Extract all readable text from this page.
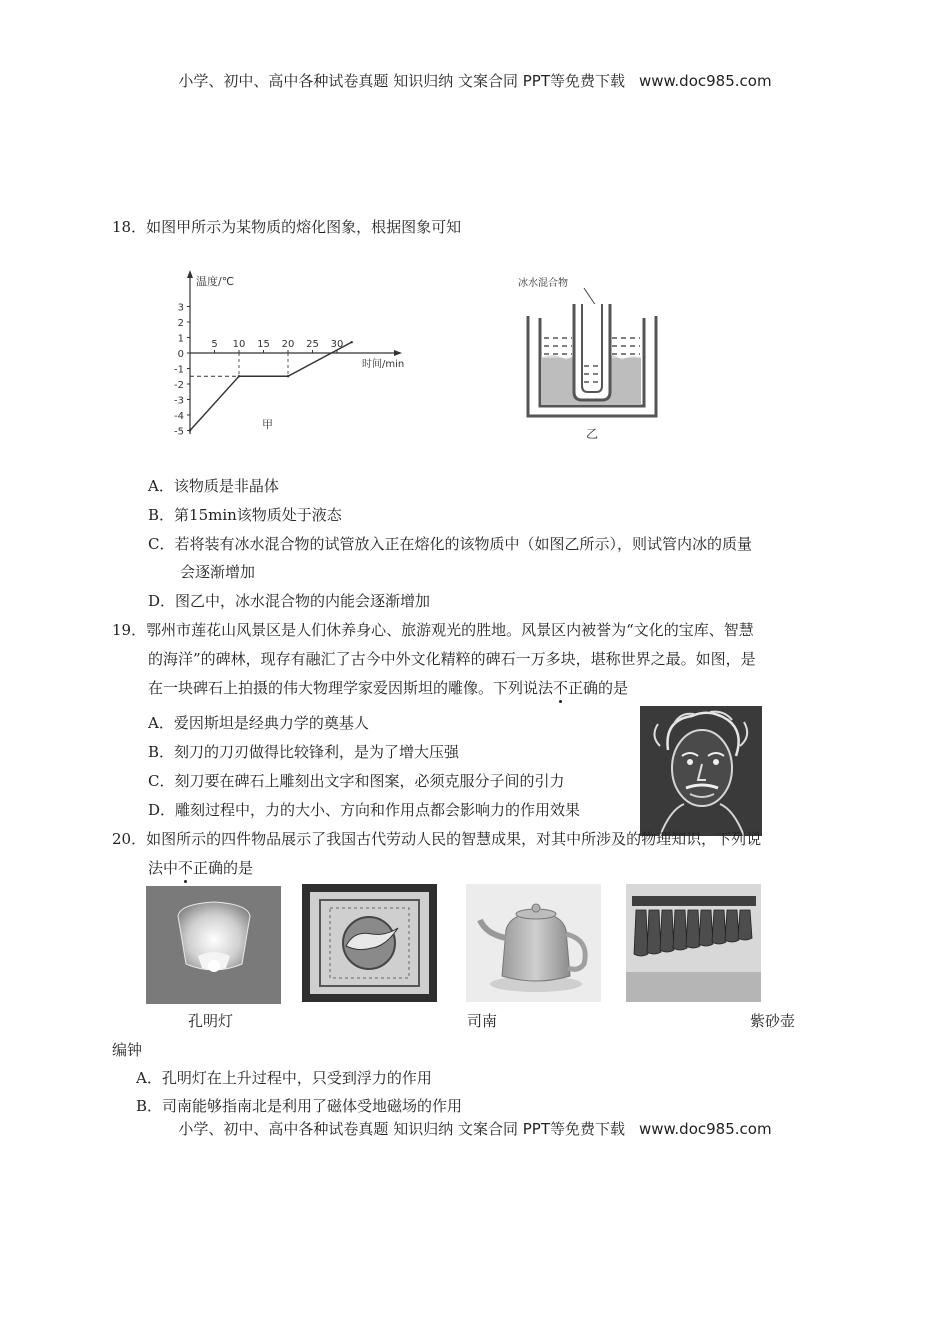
小学、初中、高中各种试卷真题 知识归纳 文案合同 PPT等免费下载 www.doc985.com
18．如图甲所示为某物质的熔化图象，根据图象可知
3
2
1
0
-1
-2
-3
-4
-5
5 10 15 20 25 30
温度/℃
时间/min
甲
冰水混合物
乙
A．该物质是非晶体
B．第15min该物质处于液态
C．若将装有冰水混合物的试管放入正在熔化的该物质中（如图乙所示），则试管内冰的质量
会逐渐增加
D．图乙中，冰水混合物的内能会逐渐增加
19．鄂州市莲花山风景区是人们休养身心、旅游观光的胜地。风景区内被誉为“文化的宝库、智慧
的海洋”的碑林，现存有融汇了古今中外文化精粹的碑石一万多块，堪称世界之最。如图，是
在一块碑石上拍摄的伟大物理学家爱因斯坦的雕像。下列说法不正确的是
A．爱因斯坦是经典力学的奠基人
B．刻刀的刀刃做得比较锋利，是为了增大压强
C．刻刀要在碑石上雕刻出文字和图案，必须克服分子间的引力
D．雕刻过程中，力的大小、方向和作用点都会影响力的作用效果
20．如图所示的四件物品展示了我国古代劳动人民的智慧成果，对其中所涉及的物理知识，下列说
法中不正确的是
孔明灯	司南	紫砂壶
编钟
A．孔明灯在上升过程中，只受到浮力的作用
B．司南能够指南北是利用了磁体受地磁场的作用
小学、初中、高中各种试卷真题 知识归纳 文案合同 PPT等免费下载 www.doc985.com
